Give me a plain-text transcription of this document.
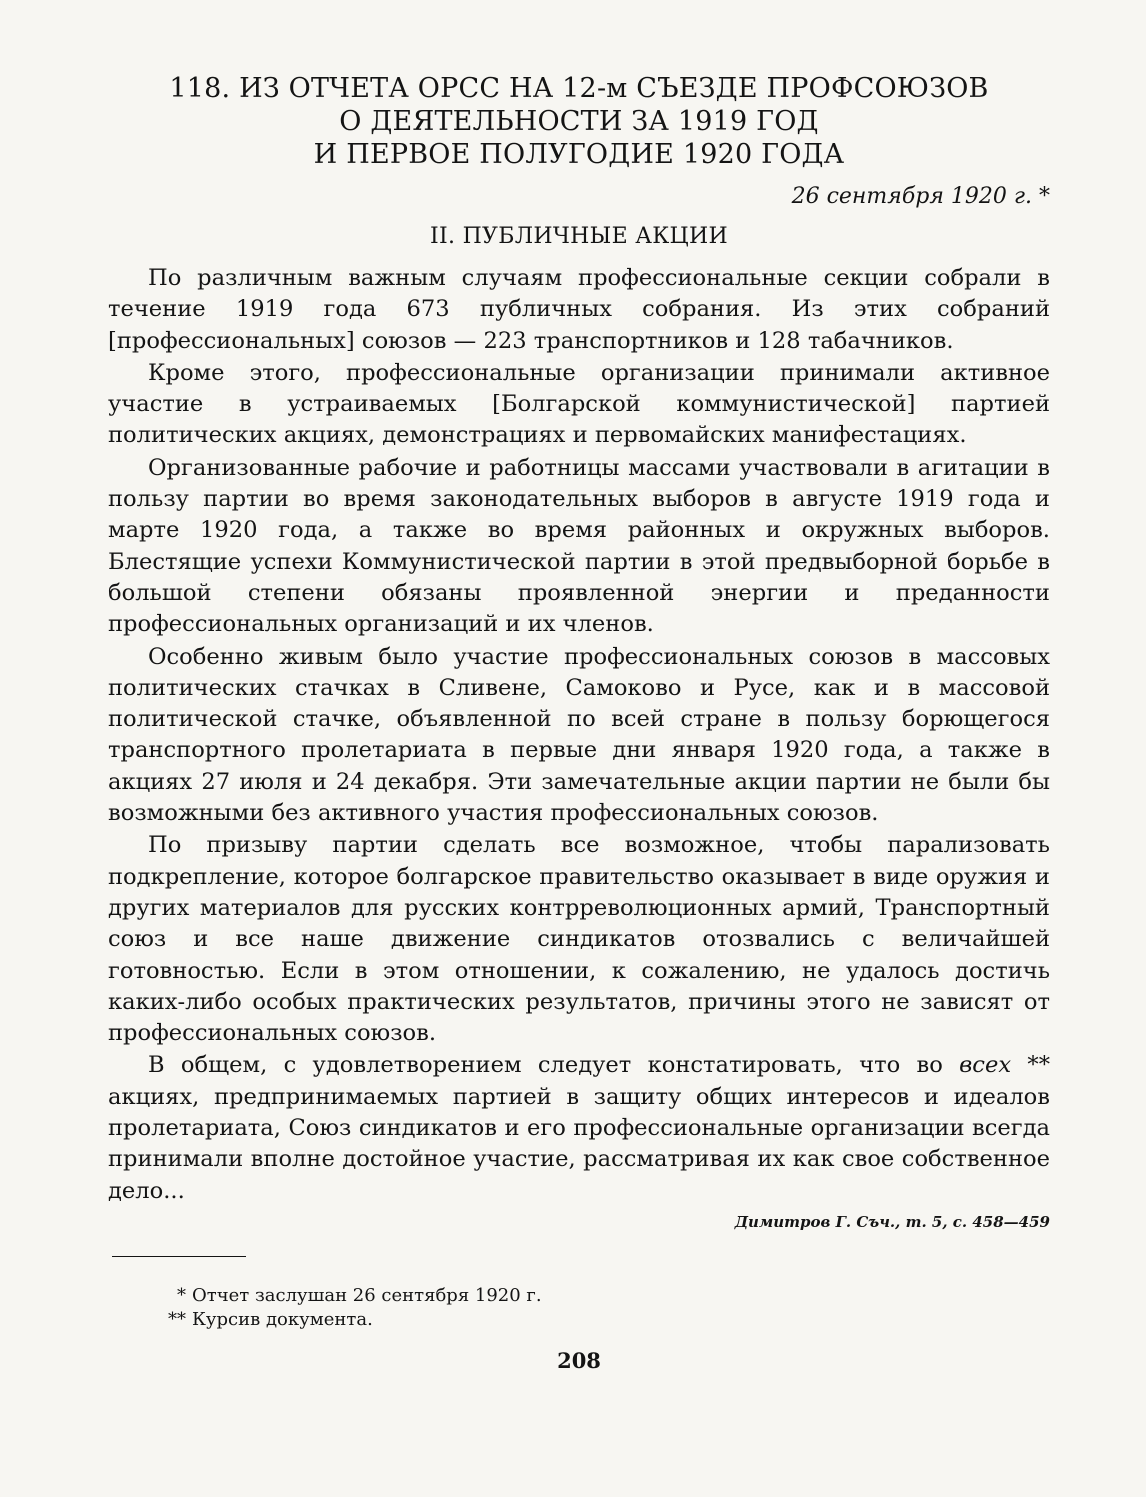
118. ИЗ ОТЧЕТА ОРСС НА 12-м СЪЕЗДЕ ПРОФСОЮЗОВ
О ДЕЯТЕЛЬНОСТИ ЗА 1919 ГОД
И ПЕРВОЕ ПОЛУГОДИЕ 1920 ГОДА
26 сентября 1920 г. *
II. ПУБЛИЧНЫЕ АКЦИИ

По различным важным случаям профессиональные секции собрали в течение 1919 года 673 публичных собрания. Из этих собраний [профессиональных] союзов — 223 транспортников и 128 табачников.

Кроме этого, профессиональные организации принимали активное участие в устраиваемых [Болгарской коммунистической] партией политических акциях, демонстрациях и первомайских манифестациях.

Организованные рабочие и работницы массами участвовали в агитации в пользу партии во время законодательных выборов в августе 1919 года и марте 1920 года, а также во время районных и окружных выборов. Блестящие успехи Коммунистической партии в этой предвыборной борьбе в большой степени обязаны проявленной энергии и преданности профессиональных организаций и их членов.

Особенно живым было участие профессиональных союзов в массовых политических стачках в Сливене, Самоково и Русе, как и в массовой политической стачке, объявленной по всей стране в пользу борющегося транспортного пролетариата в первые дни января 1920 года, а также в акциях 27 июля и 24 декабря. Эти замечательные акции партии не были бы возможными без активного участия профессиональных союзов.

По призыву партии сделать все возможное, чтобы парализовать подкрепление, которое болгарское правительство оказывает в виде оружия и других материалов для русских контрреволюционных армий, Транспортный союз и все наше движение синдикатов отозвались с величайшей готовностью. Если в этом отношении, к сожалению, не удалось достичь каких-либо особых практических результатов, причины этого не зависят от профессиональных союзов.

В общем, с удовлетворением следует констатировать, что во всех ** акциях, предпринимаемых партией в защиту общих интересов и идеалов пролетариата, Союз синдикатов и его профессиональные организации всегда принимали вполне достойное участие, рассматривая их как свое собственное дело...

Димитров Г. Съч., т. 5, с. 458—459
* Отчет заслушан 26 сентября 1920 г.
** Курсив документа.
208
